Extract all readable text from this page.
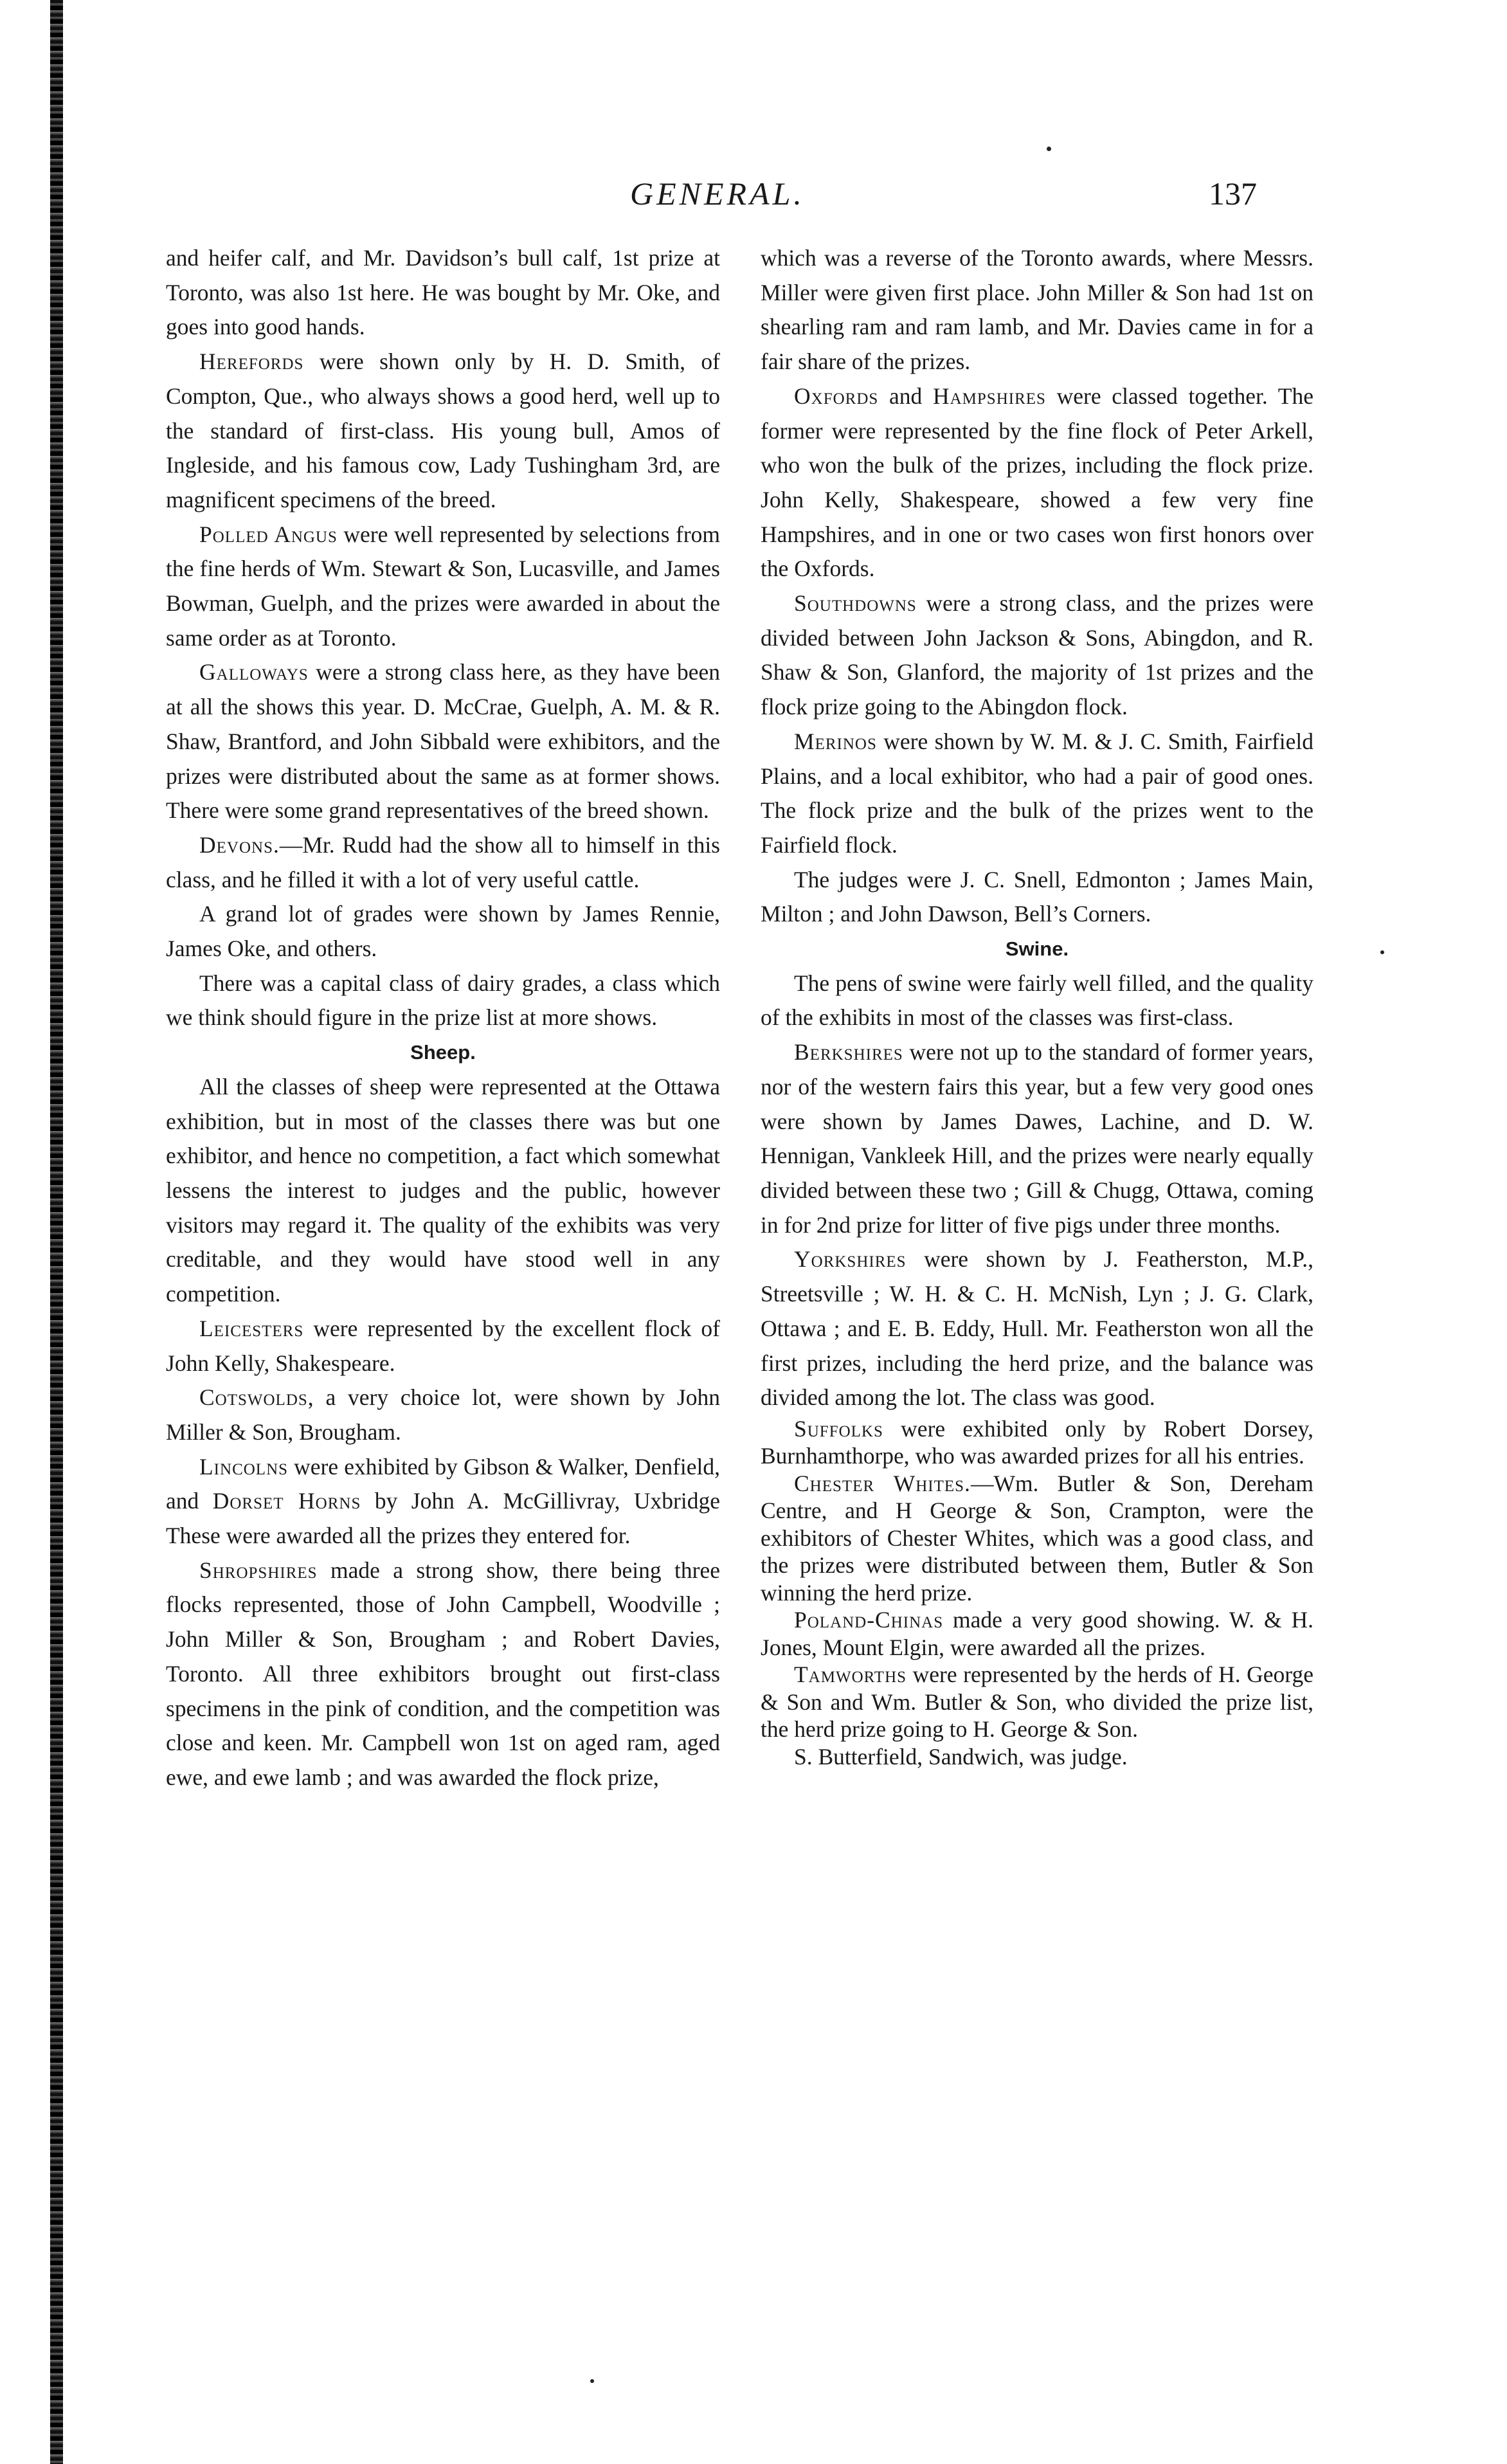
GENERAL.	137

and heifer calf, and Mr. Davidson’s bull calf, 1st prize at Toronto, was also 1st here. He was bought by Mr. Oke, and goes into good hands.

Herefords were shown only by H. D. Smith, of Compton, Que., who always shows a good herd, well up to the standard of first-class. His young bull, Amos of Ingleside, and his famous cow, Lady Tushingham 3rd, are magnificent specimens of the breed.

Polled Angus were well represented by selections from the fine herds of Wm. Stewart & Son, Lucasville, and James Bowman, Guelph, and the prizes were awarded in about the same order as at Toronto.

Galloways were a strong class here, as they have been at all the shows this year. D. McCrae, Guelph, A. M. & R. Shaw, Brantford, and John Sibbald were exhibitors, and the prizes were distributed about the same as at former shows. There were some grand representatives of the breed shown.

Devons.—Mr. Rudd had the show all to himself in this class, and he filled it with a lot of very useful cattle.

A grand lot of grades were shown by James Rennie, James Oke, and others.

There was a capital class of dairy grades, a class which we think should figure in the prize list at more shows.

Sheep.

All the classes of sheep were represented at the Ottawa exhibition, but in most of the classes there was but one exhibitor, and hence no competition, a fact which somewhat lessens the interest to judges and the public, however visitors may regard it. The quality of the exhibits was very creditable, and they would have stood well in any competition.

Leicesters were represented by the excellent flock of John Kelly, Shakespeare.

Cotswolds, a very choice lot, were shown by John Miller & Son, Brougham.

Lincolns were exhibited by Gibson & Walker, Denfield, and Dorset Horns by John A. McGillivray, Uxbridge These were awarded all the prizes they entered for.

Shropshires made a strong show, there being three flocks represented, those of John Campbell, Woodville ; John Miller & Son, Brougham ; and Robert Davies, Toronto. All three exhibitors brought out first-class specimens in the pink of condition, and the competition was close and keen. Mr. Campbell won 1st on aged ram, aged ewe, and ewe lamb ; and was awarded the flock prize,

which was a reverse of the Toronto awards, where Messrs. Miller were given first place. John Miller & Son had 1st on shearling ram and ram lamb, and Mr. Davies came in for a fair share of the prizes.

Oxfords and Hampshires were classed together. The former were represented by the fine flock of Peter Arkell, who won the bulk of the prizes, including the flock prize. John Kelly, Shakespeare, showed a few very fine Hampshires, and in one or two cases won first honors over the Oxfords.

Southdowns were a strong class, and the prizes were divided between John Jackson & Sons, Abingdon, and R. Shaw & Son, Glanford, the majority of 1st prizes and the flock prize going to the Abingdon flock.

Merinos were shown by W. M. & J. C. Smith, Fairfield Plains, and a local exhibitor, who had a pair of good ones. The flock prize and the bulk of the prizes went to the Fairfield flock.

The judges were J. C. Snell, Edmonton ; James Main, Milton ; and John Dawson, Bell’s Corners.

Swine.

The pens of swine were fairly well filled, and the quality of the exhibits in most of the classes was first-class.

Berkshires were not up to the standard of former years, nor of the western fairs this year, but a few very good ones were shown by James Dawes, Lachine, and D. W. Hennigan, Vankleek Hill, and the prizes were nearly equally divided between these two ; Gill & Chugg, Ottawa, coming in for 2nd prize for litter of five pigs under three months.

Yorkshires were shown by J. Featherston, M.P., Streetsville ; W. H. & C. H. McNish, Lyn ; J. G. Clark, Ottawa ; and E. B. Eddy, Hull. Mr. Featherston won all the first prizes, including the herd prize, and the balance was divided among the lot. The class was good.

Suffolks were exhibited only by Robert Dorsey, Burnhamthorpe, who was awarded prizes for all his entries.

Chester Whites.—Wm. Butler & Son, Dereham Centre, and H George & Son, Crampton, were the exhibitors of Chester Whites, which was a good class, and the prizes were distributed between them, Butler & Son winning the herd prize.

Poland-Chinas made a very good showing. W. & H. Jones, Mount Elgin, were awarded all the prizes.

Tamworths were represented by the herds of H. George & Son and Wm. Butler & Son, who divided the prize list, the herd prize going to H. George & Son.

S. Butterfield, Sandwich, was judge.
